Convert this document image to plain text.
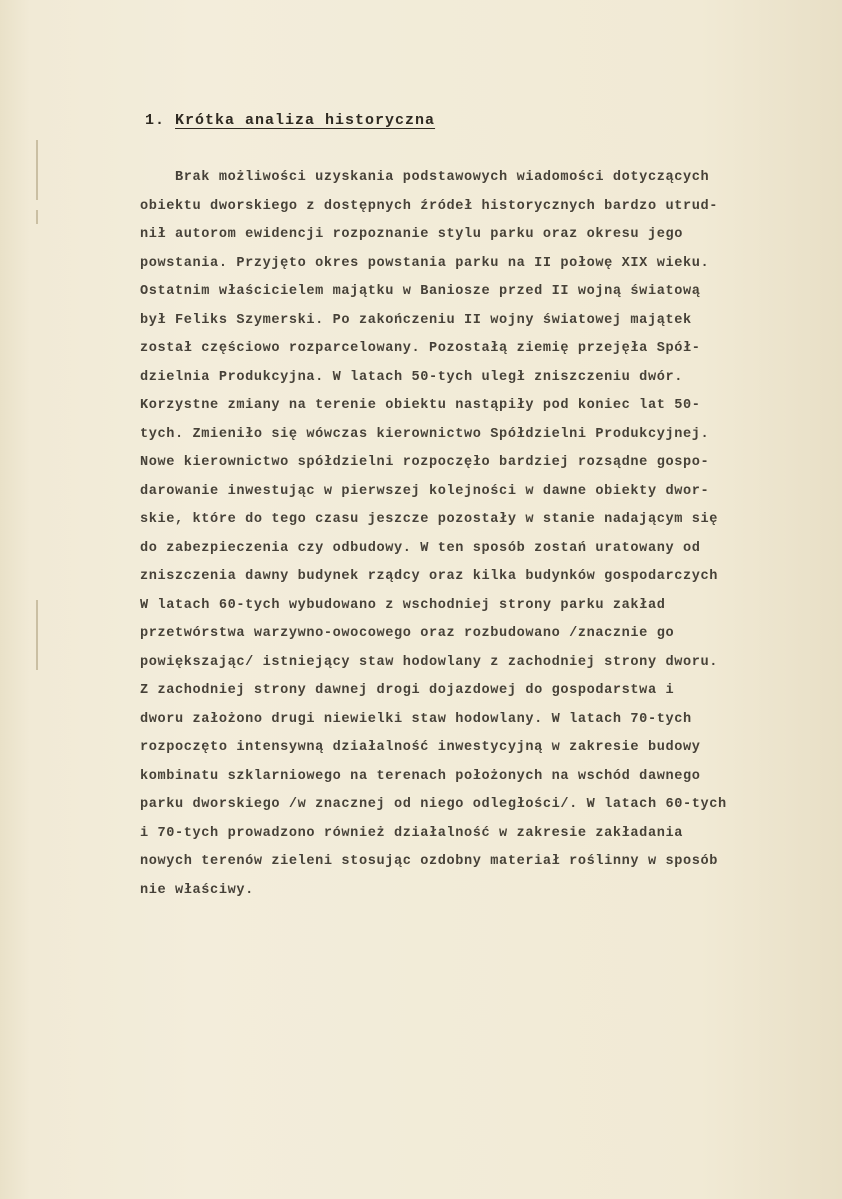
1. Krótka analiza historyczna
Brak możliwości uzyskania podstawowych wiadomości dotyczących
obiektu dworskiego z dostępnych źródeł historycznych bardzo utrud-
nił autorom ewidencji rozpoznanie stylu parku oraz okresu jego
powstania. Przyjęto okres powstania parku na II połowę XIX wieku.
Ostatnim właścicielem majątku w Baniosze przed II wojną światową
był Feliks Szymerski. Po zakończeniu II wojny światowej majątek
został częściowo rozparcelowany. Pozostałą ziemię przejęła Spół-
dzielnia Produkcyjna. W latach 50-tych uległ zniszczeniu dwór.
Korzystne zmiany na terenie obiektu nastąpiły pod koniec lat 50-
tych. Zmieniło się wówczas kierownictwo Spółdzielni Produkcyjnej.
Nowe kierownictwo spółdzielni rozpoczęło bardziej rozsądne gospo-
darowanie inwestując w pierwszej kolejności w dawne obiekty dwor-
skie, które do tego czasu jeszcze pozostały w stanie nadającym się
do zabezpieczenia czy odbudowy. W ten sposób zostań uratowany od
zniszczenia dawny budynek rządcy oraz kilka budynków gospodarczych
W latach 60-tych wybudowano z wschodniej strony parku zakład
przetwórstwa warzywno-owocowego oraz rozbudowano /znacznie go
powiększając/ istniejący staw hodowlany z zachodniej strony dworu.
Z zachodniej strony dawnej drogi dojazdowej do gospodarstwa i
dworu założono drugi niewielki staw hodowlany. W latach 70-tych
rozpoczęto intensywną działalność inwestycyjną w zakresie budowy
kombinatu szklarniowego na terenach położonych na wschód dawnego
parku dworskiego /w znacznej od niego odległości/. W latach 60-tych
i 70-tych prowadzono również działalność w zakresie zakładania
nowych terenów zieleni stosując ozdobny materiał roślinny w sposób
nie właściwy.
